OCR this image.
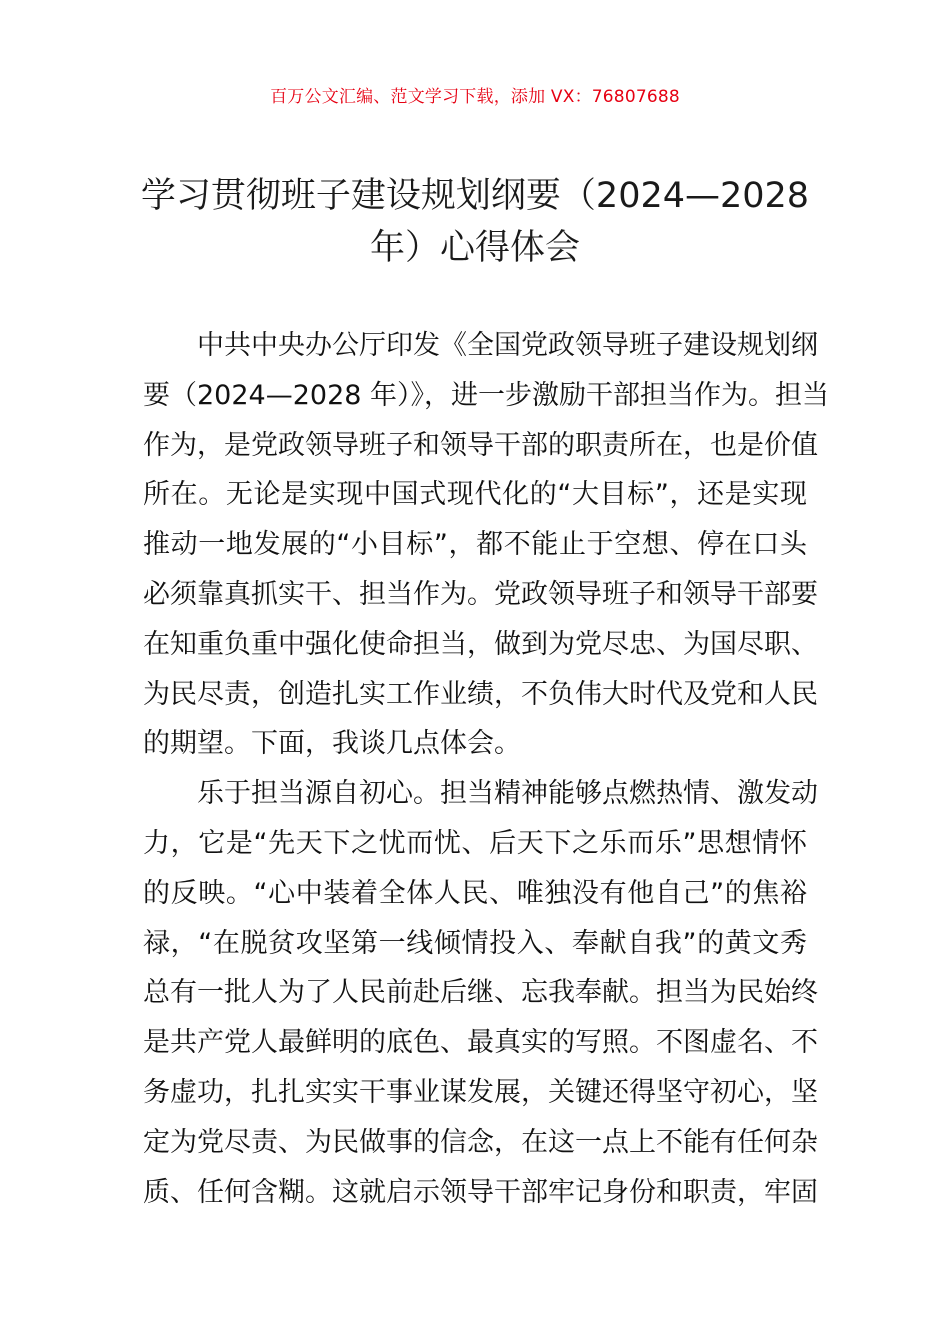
百万公文汇编、范文学习下载，添加 VX：76807688
学习贯彻班子建设规划纲要（2024—2028
年）心得体会

中共中央办公厅印发《全国党政领导班子建设规划纲
要（2024—2028 年）》，进一步激励干部担当作为。担当
作为，是党政领导班子和领导干部的职责所在，也是价值
所在。无论是实现中国式现代化的“大目标”，还是实现
推动一地发展的“小目标”，都不能止于空想、停在口头
必须靠真抓实干、担当作为。党政领导班子和领导干部要
在知重负重中强化使命担当，做到为党尽忠、为国尽职、
为民尽责，创造扎实工作业绩，不负伟大时代及党和人民
的期望。下面，我谈几点体会。

乐于担当源自初心。担当精神能够点燃热情、激发动
力，它是“先天下之忧而忧、后天下之乐而乐”思想情怀
的反映。“心中装着全体人民、唯独没有他自己”的焦裕
禄，“在脱贫攻坚第一线倾情投入、奉献自我”的黄文秀
总有一批人为了人民前赴后继、忘我奉献。担当为民始终
是共产党人最鲜明的底色、最真实的写照。不图虚名、不
务虚功，扎扎实实干事业谋发展，关键还得坚守初心，坚
定为党尽责、为民做事的信念，在这一点上不能有任何杂
质、任何含糊。这就启示领导干部牢记身份和职责，牢固
